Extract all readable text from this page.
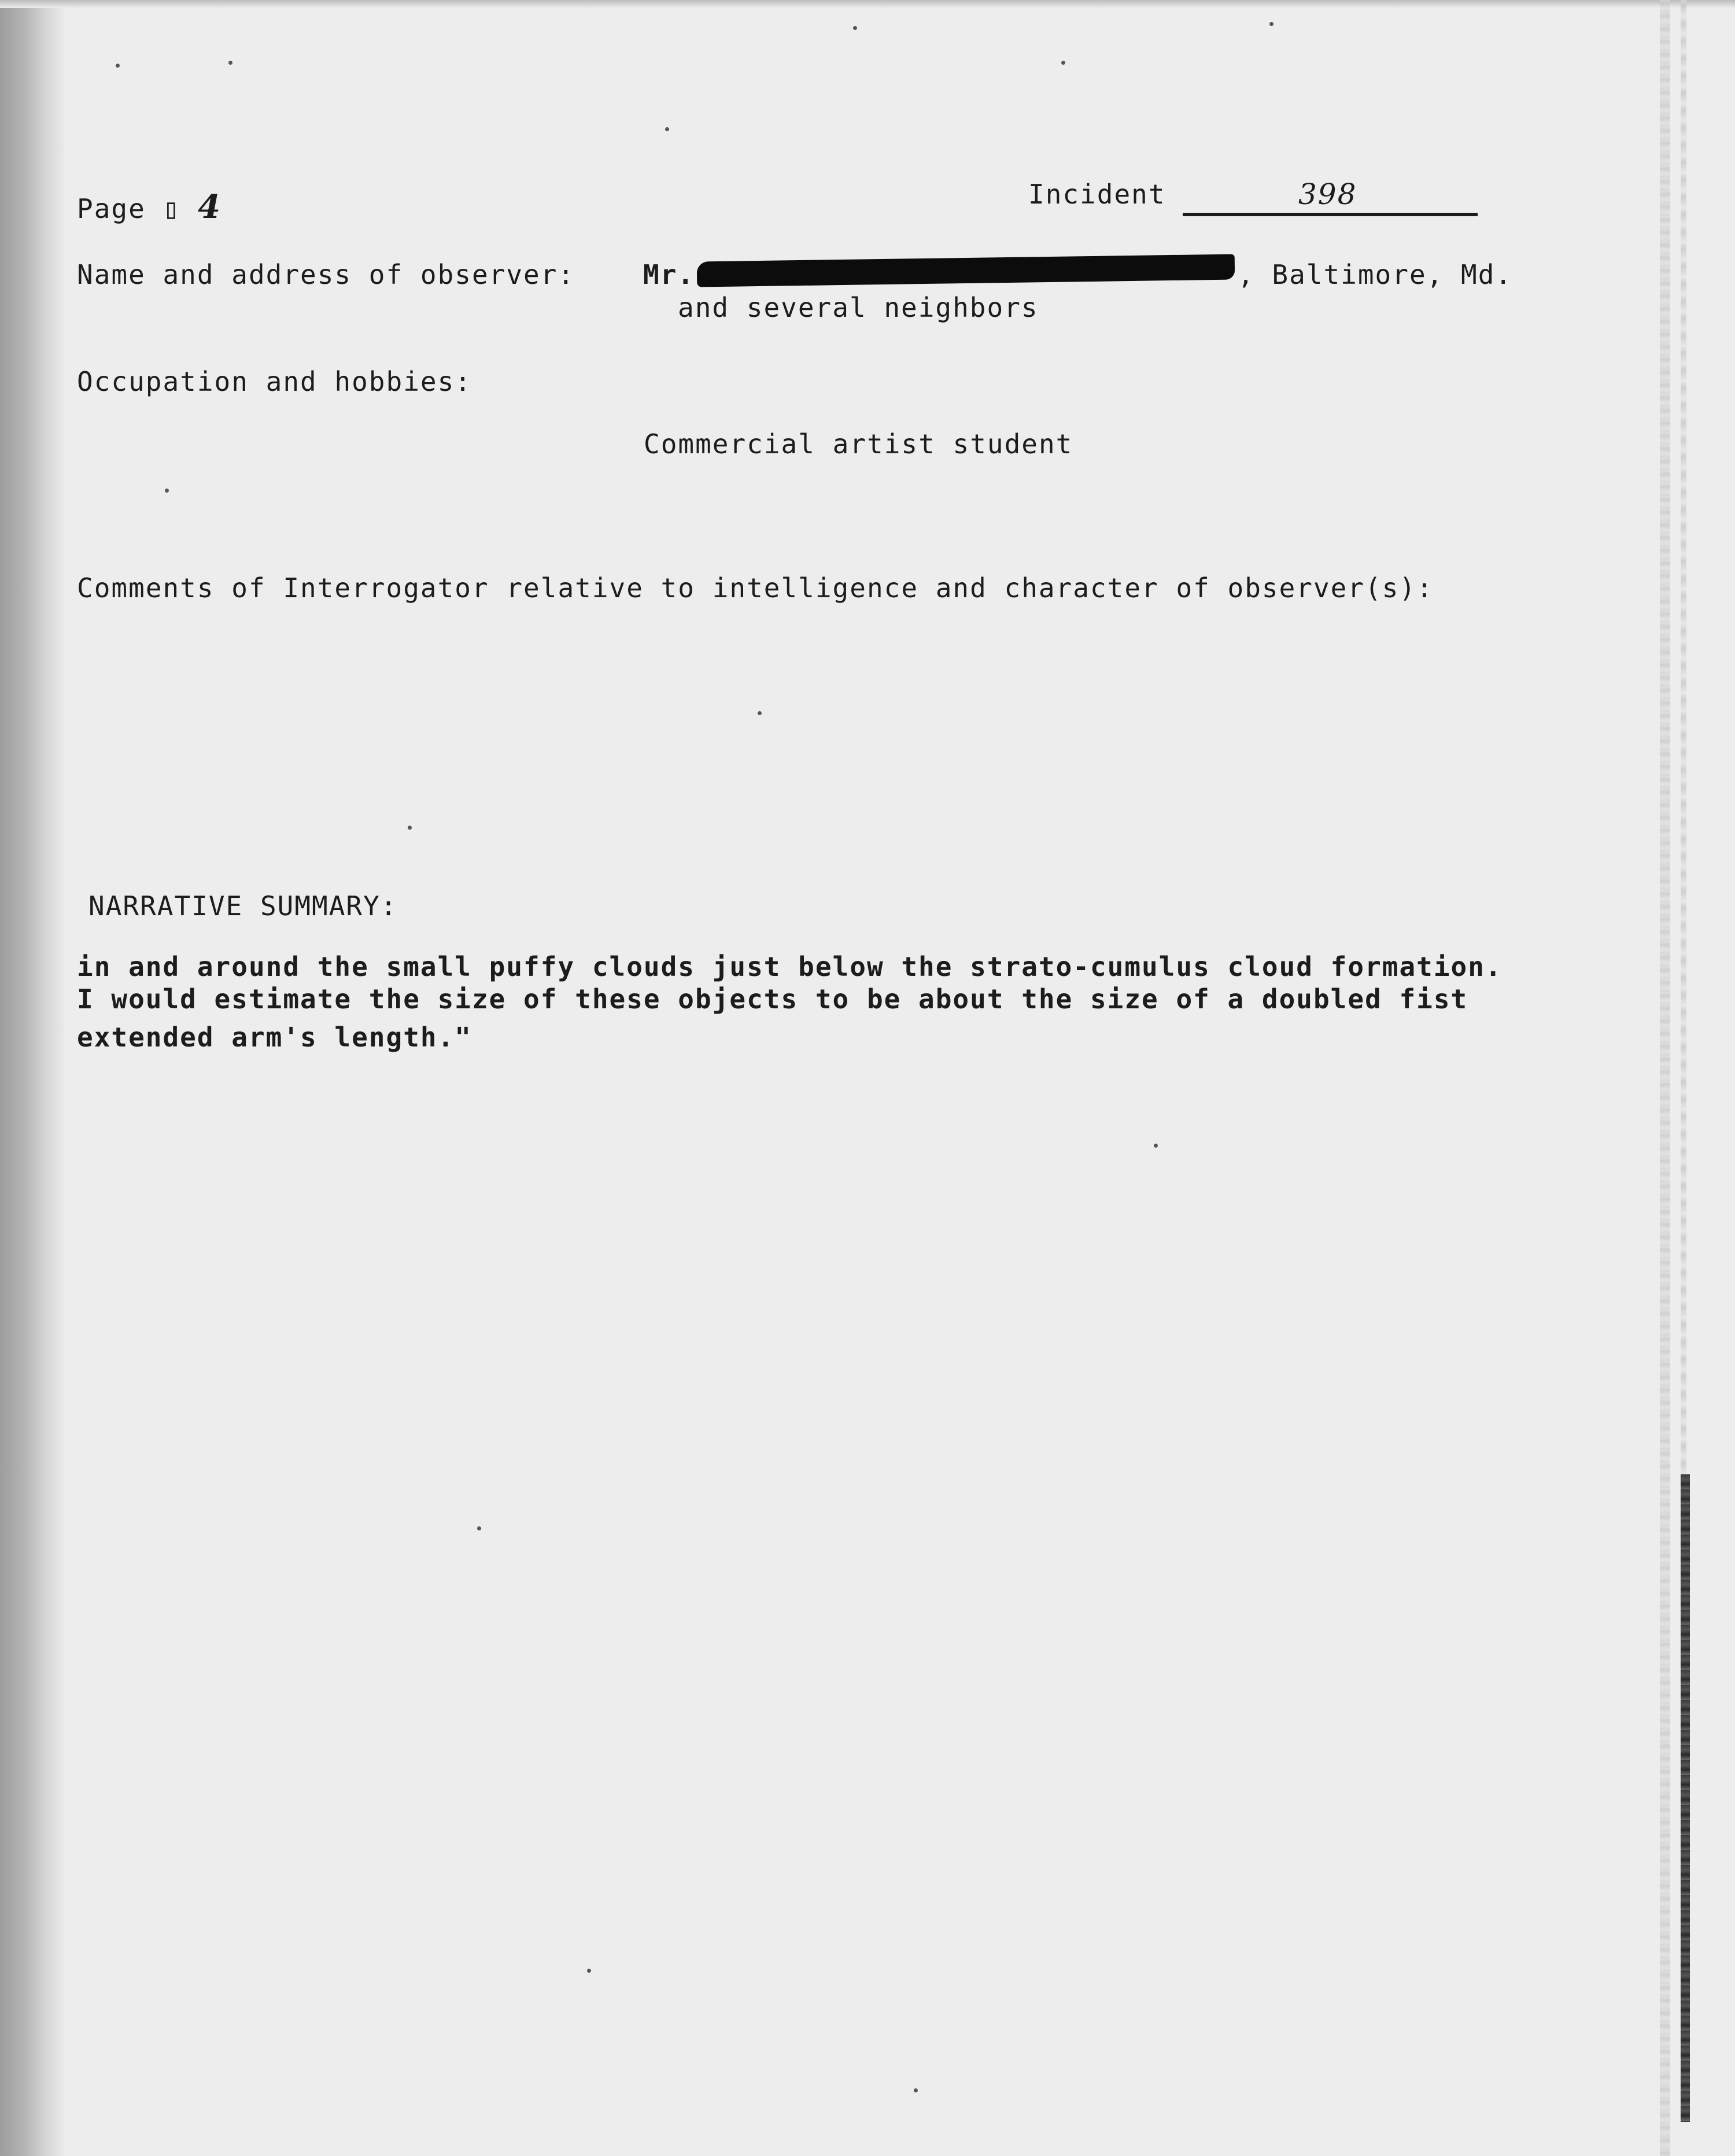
Page ▯ 4	Incident	398
Name and address of observer:	Mr.	, Baltimore, Md.
and several neighbors
Occupation and hobbies:
Commercial artist student
Comments of Interrogator relative to intelligence and character of observer(s):
NARRATIVE SUMMARY:
in and around the small puffy clouds just below the strato-cumulus cloud formation.
I would estimate the size of these objects to be about the size of a doubled fist
extended arm's length."
